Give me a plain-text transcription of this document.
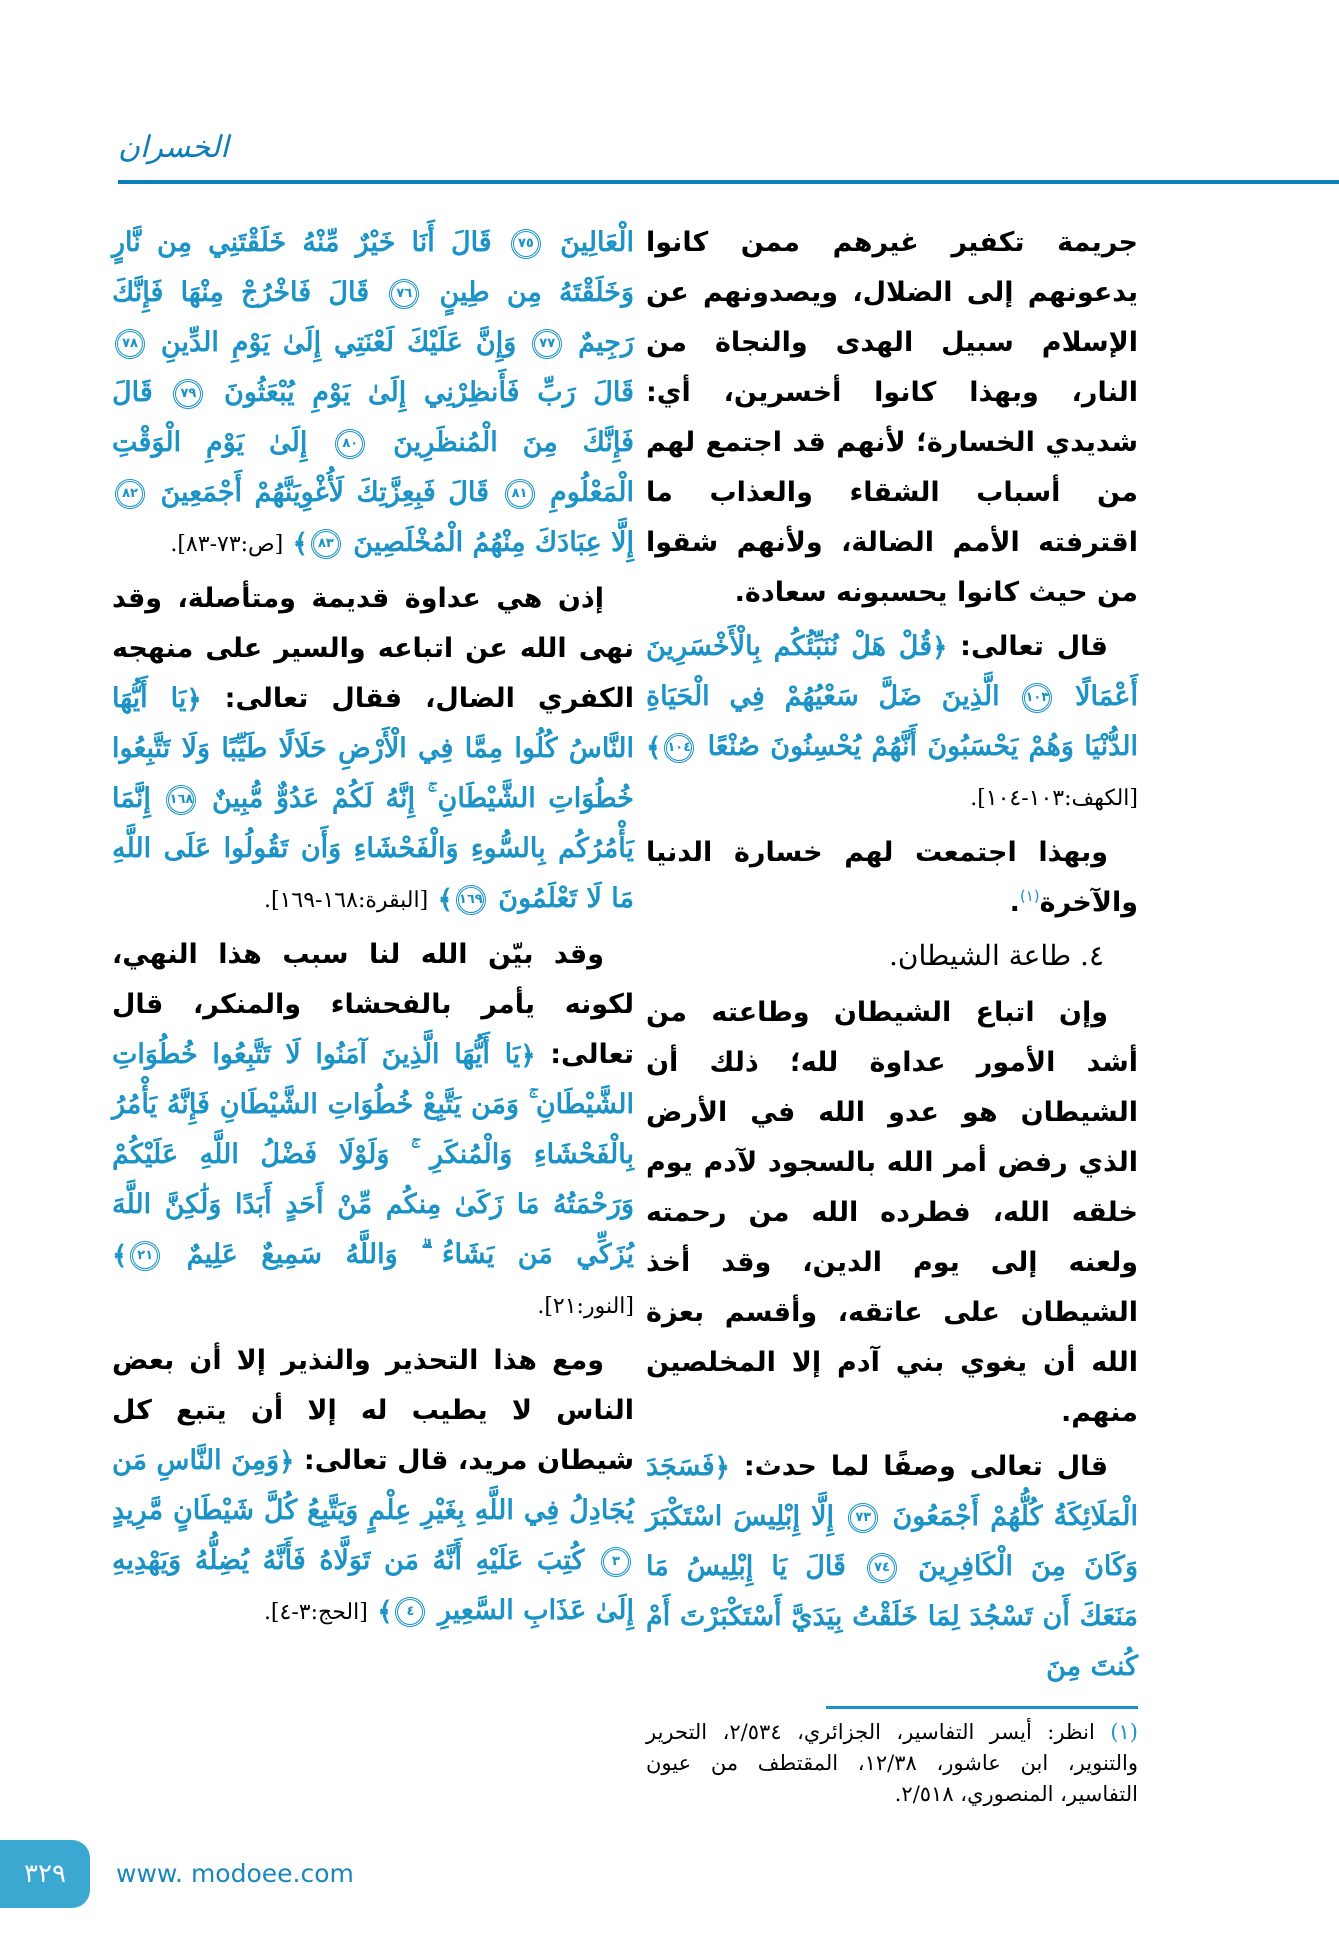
الخسران

جريمة تكفير غيرهم ممن كانوا يدعونهم إلى الضلال، ويصدونهم عن الإسلام سبيل الهدى والنجاة من النار، وبهذا كانوا أخسرين، أي: شديدي الخسارة؛ لأنهم قد اجتمع لهم من أسباب الشقاء والعذاب ما اقترفته الأمم الضالة، ولأنهم شقوا من حيث كانوا يحسبونه سعادة.

قال تعالى: ﴿قُلْ هَلْ نُنَبِّئُكُم بِالْأَخْسَرِينَ أَعْمَالًا ١٠٣ الَّذِينَ ضَلَّ سَعْيُهُمْ فِي الْحَيَاةِ الدُّنْيَا وَهُمْ يَحْسَبُونَ أَنَّهُمْ يُحْسِنُونَ صُنْعًا ١٠٤﴾ [الكهف:١٠٣-١٠٤].

وبهذا اجتمعت لهم خسارة الدنيا والآخرة$^{(١)}$.

٤. طاعة الشيطان.

وإن اتباع الشيطان وطاعته من أشد الأمور عداوة لله؛ ذلك أن الشيطان هو عدو الله في الأرض الذي رفض أمر الله بالسجود لآدم يوم خلقه الله، فطرده الله من رحمته ولعنه إلى يوم الدين، وقد أخذ الشيطان على عاتقه، وأقسم بعزة الله أن يغوي بني آدم إلا المخلصين منهم.

قال تعالى وصفًا لما حدث: ﴿فَسَجَدَ الْمَلَائِكَةُ كُلُّهُمْ أَجْمَعُونَ ٧٣ إِلَّا إِبْلِيسَ اسْتَكْبَرَ وَكَانَ مِنَ الْكَافِرِينَ ٧٤ قَالَ يَا إِبْلِيسُ مَا مَنَعَكَ أَن تَسْجُدَ لِمَا خَلَقْتُ بِيَدَيَّ أَسْتَكْبَرْتَ أَمْ كُنتَ مِنَ

(١) انظر: أيسر التفاسير، الجزائري، ٢/٥٣٤، التحرير والتنوير، ابن عاشور، ١٢/٣٨، المقتطف من عيون التفاسير، المنصوري، ٢/٥١٨.

الْعَالِينَ ٧٥ قَالَ أَنَا خَيْرٌ مِّنْهُ خَلَقْتَنِي مِن نَّارٍ وَخَلَقْتَهُ مِن طِينٍ ٧٦ قَالَ فَاخْرُجْ مِنْهَا فَإِنَّكَ رَجِيمٌ ٧٧ وَإِنَّ عَلَيْكَ لَعْنَتِي إِلَىٰ يَوْمِ الدِّينِ ٧٨ قَالَ رَبِّ فَأَنظِرْنِي إِلَىٰ يَوْمِ يُبْعَثُونَ ٧٩ قَالَ فَإِنَّكَ مِنَ الْمُنظَرِينَ ٨٠ إِلَىٰ يَوْمِ الْوَقْتِ الْمَعْلُومِ ٨١ قَالَ فَبِعِزَّتِكَ لَأُغْوِيَنَّهُمْ أَجْمَعِينَ ٨٢ إِلَّا عِبَادَكَ مِنْهُمُ الْمُخْلَصِينَ ٨٣﴾ [ص:٧٣-٨٣].

إذن هي عداوة قديمة ومتأصلة، وقد نهى الله عن اتباعه والسير على منهجه الكفري الضال، فقال تعالى: ﴿يَا أَيُّهَا النَّاسُ كُلُوا مِمَّا فِي الْأَرْضِ حَلَالًا طَيِّبًا وَلَا تَتَّبِعُوا خُطُوَاتِ الشَّيْطَانِ ۚ إِنَّهُ لَكُمْ عَدُوٌّ مُّبِينٌ ١٦٨ إِنَّمَا يَأْمُرُكُم بِالسُّوءِ وَالْفَحْشَاءِ وَأَن تَقُولُوا عَلَى اللَّهِ مَا لَا تَعْلَمُونَ ١٦٩﴾ [البقرة:١٦٨-١٦٩].

وقد بيّن الله لنا سبب هذا النهي، لكونه يأمر بالفحشاء والمنكر، قال تعالى: ﴿يَا أَيُّهَا الَّذِينَ آمَنُوا لَا تَتَّبِعُوا خُطُوَاتِ الشَّيْطَانِ ۚ وَمَن يَتَّبِعْ خُطُوَاتِ الشَّيْطَانِ فَإِنَّهُ يَأْمُرُ بِالْفَحْشَاءِ وَالْمُنكَرِ ۚ وَلَوْلَا فَضْلُ اللَّهِ عَلَيْكُمْ وَرَحْمَتُهُ مَا زَكَىٰ مِنكُم مِّنْ أَحَدٍ أَبَدًا وَلَٰكِنَّ اللَّهَ يُزَكِّي مَن يَشَاءُ ۗ وَاللَّهُ سَمِيعٌ عَلِيمٌ ٢١﴾ [النور:٢١].

ومع هذا التحذير والنذير إلا أن بعض الناس لا يطيب له إلا أن يتبع كل شيطان مريد، قال تعالى: ﴿وَمِنَ النَّاسِ مَن يُجَادِلُ فِي اللَّهِ بِغَيْرِ عِلْمٍ وَيَتَّبِعُ كُلَّ شَيْطَانٍ مَّرِيدٍ ٣ كُتِبَ عَلَيْهِ أَنَّهُ مَن تَوَلَّاهُ فَأَنَّهُ يُضِلُّهُ وَيَهْدِيهِ إِلَىٰ عَذَابِ السَّعِيرِ ٤﴾ [الحج:٣-٤].

٣٢٩ www. modoee.com
